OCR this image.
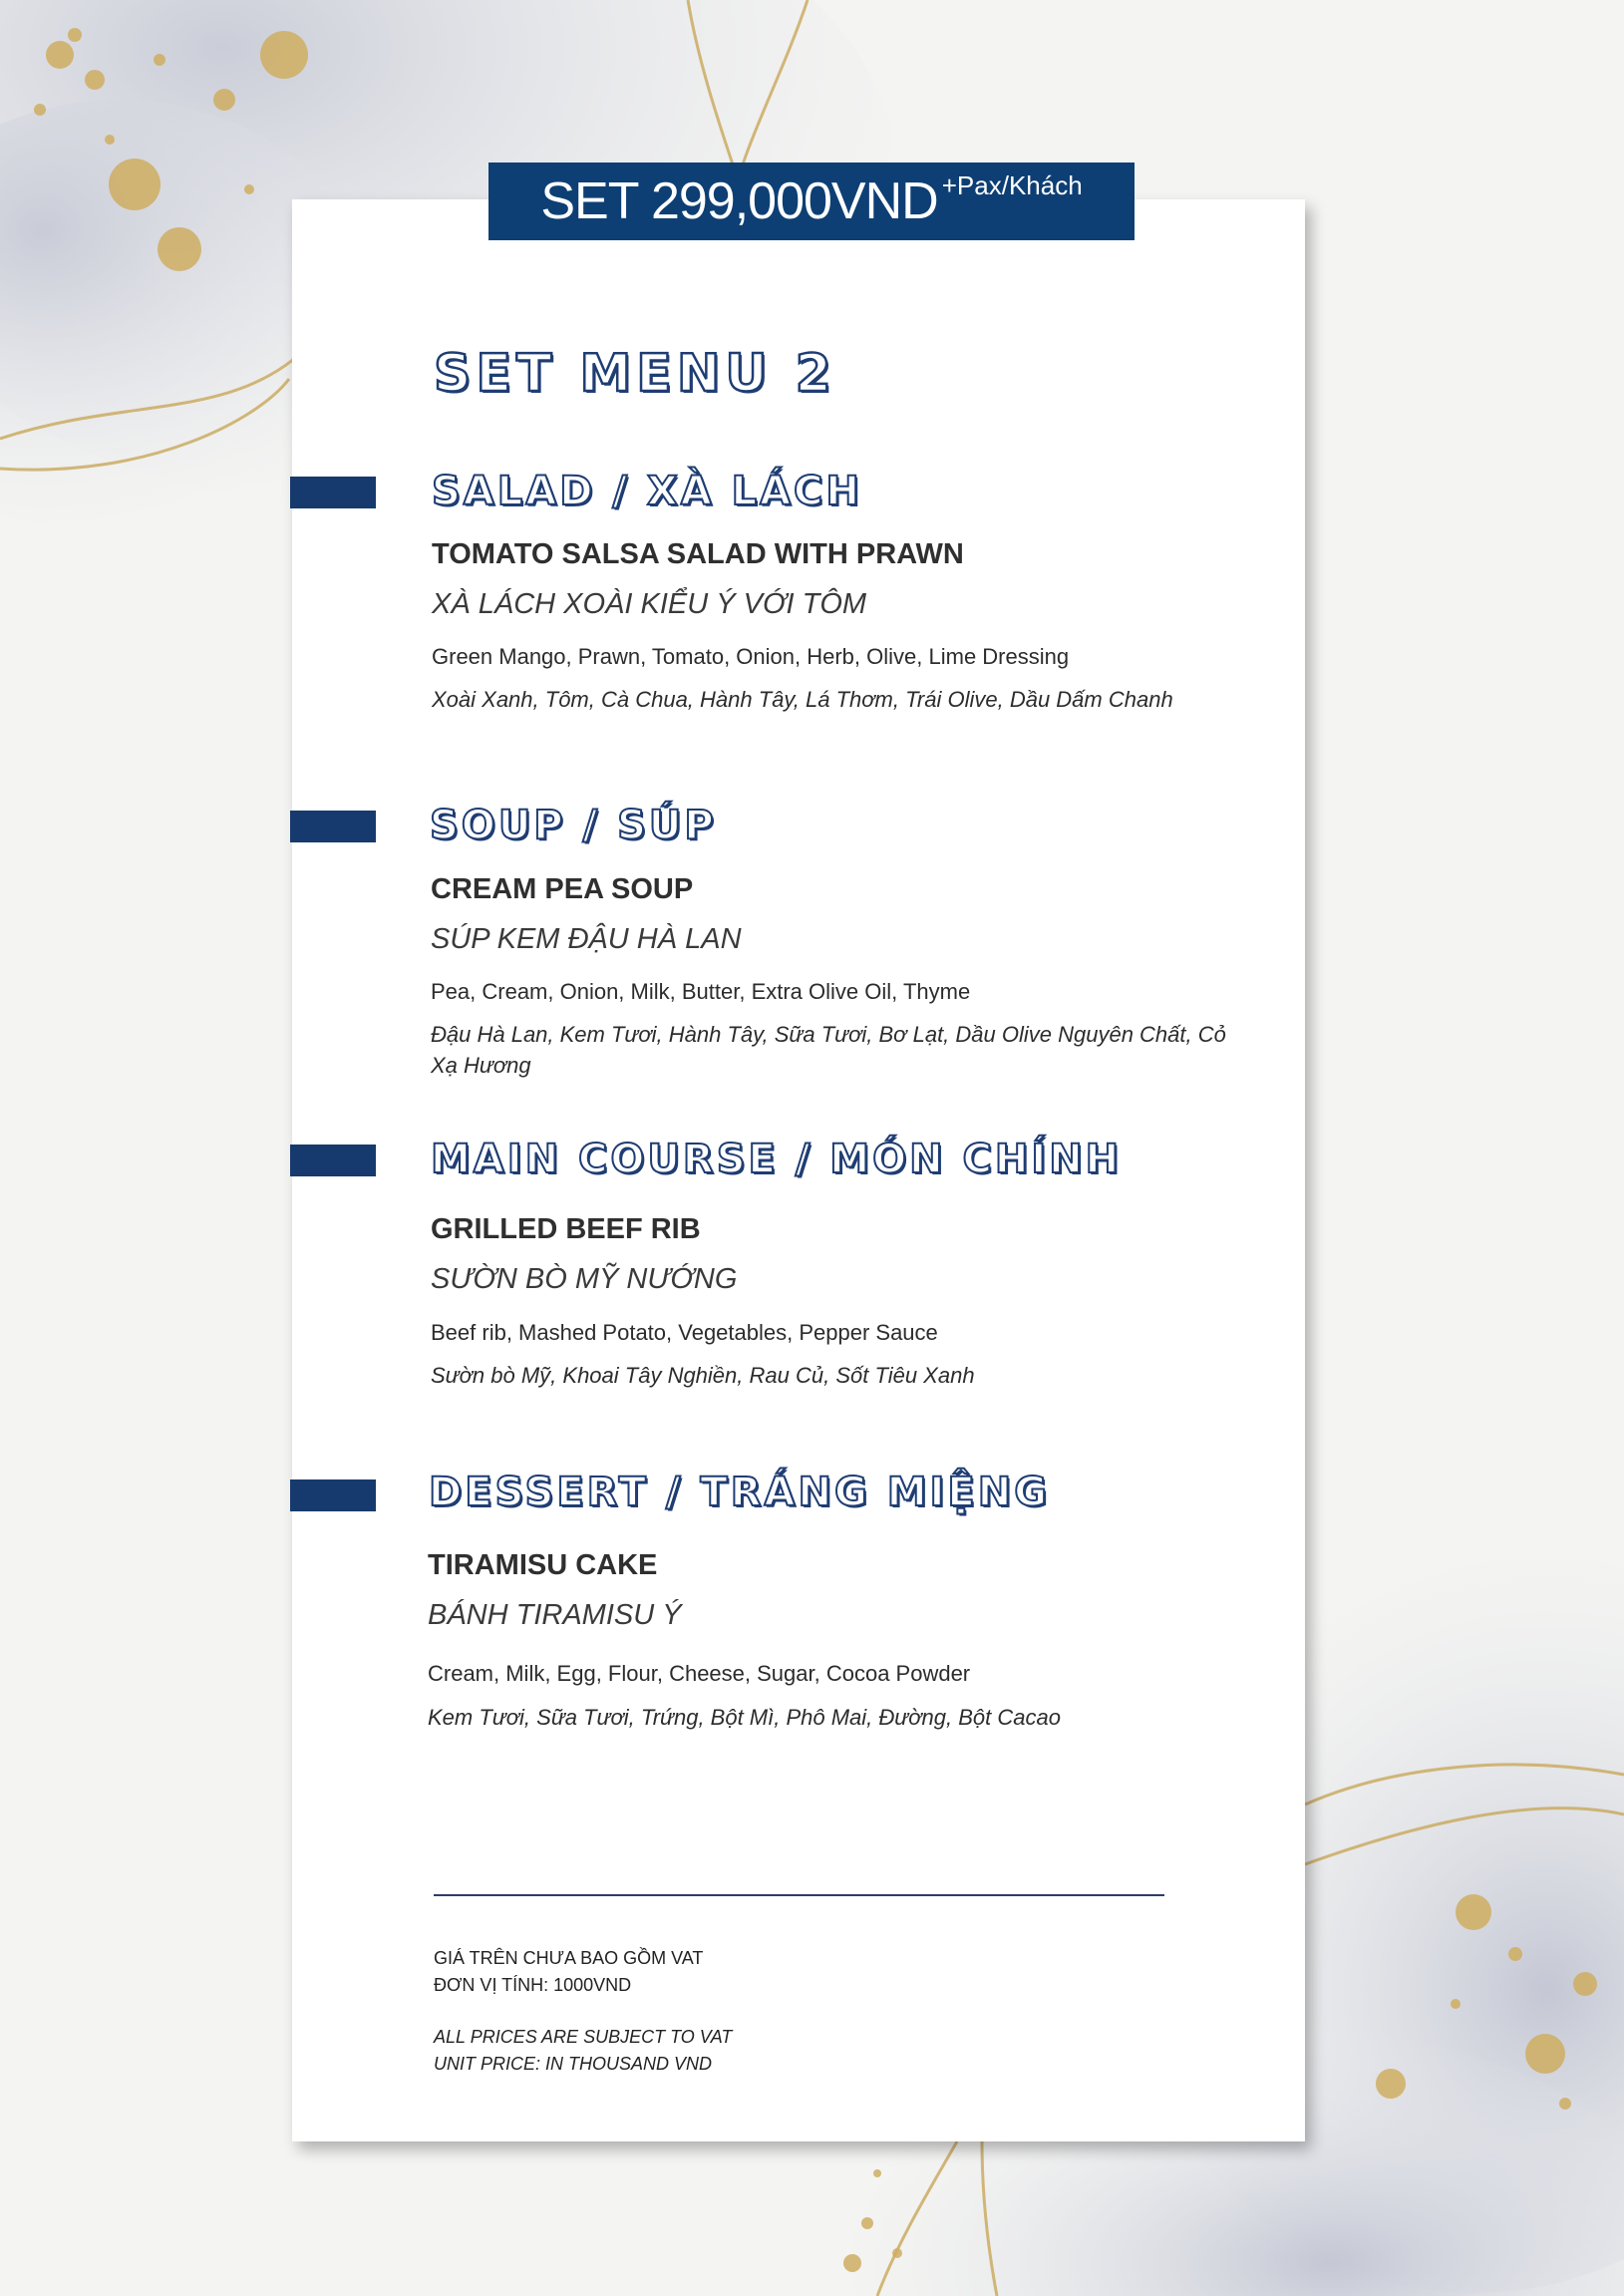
SET 299,000VND +Pax/Khách
SET MENU 2
SALAD / XÀ LÁCH
TOMATO SALSA SALAD WITH PRAWN
XÀ LÁCH XOÀI KIỂU Ý VỚI TÔM
Green Mango, Prawn, Tomato, Onion, Herb, Olive, Lime Dressing
Xoài Xanh, Tôm, Cà Chua, Hành Tây, Lá Thơm, Trái Olive, Dầu Dấm Chanh
SOUP / SÚP
CREAM PEA SOUP
SÚP KEM ĐẬU HÀ LAN
Pea, Cream, Onion, Milk, Butter, Extra Olive Oil, Thyme
Đậu Hà Lan, Kem Tươi, Hành Tây, Sữa Tươi, Bơ Lạt, Dầu Olive Nguyên Chất, Cỏ Xạ Hương
MAIN COURSE / MÓN CHÍNH
GRILLED BEEF RIB
SƯỜN BÒ MỸ NƯỚNG
Beef rib, Mashed Potato, Vegetables, Pepper Sauce
Sườn bò Mỹ, Khoai Tây Nghiền, Rau Củ, Sốt Tiêu Xanh
DESSERT / TRÁNG MIỆNG
TIRAMISU CAKE
BÁNH TIRAMISU Ý
Cream, Milk, Egg, Flour, Cheese, Sugar, Cocoa Powder
Kem Tươi, Sữa Tươi, Trứng, Bột Mì, Phô Mai, Đường, Bột Cacao
GIÁ TRÊN CHƯA BAO GỒM VAT
ĐƠN VỊ TÍNH: 1000VND
ALL PRICES ARE SUBJECT TO VAT
UNIT PRICE: IN THOUSAND VND
